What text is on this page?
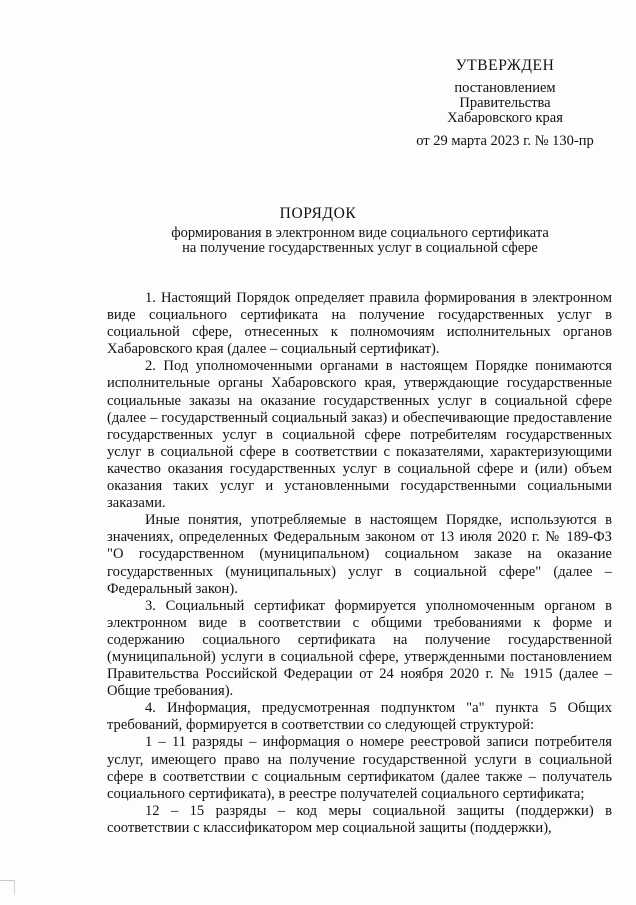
УТВЕРЖДЕН
постановлением
Правительства
Хабаровского края
от 29 марта 2023 г. № 130-пр
ПОРЯДОК
формирования в электронном виде социального сертификата
на получение государственных услуг в социальной сфере

1. Настоящий Порядок определяет правила формирования в электронном виде социального сертификата на получение государственных услуг в социальной сфере, отнесенных к полномочиям исполнительных органов Хабаровского края (далее – социальный сертификат).

2. Под уполномоченными органами в настоящем Порядке понимаются исполнительные органы Хабаровского края, утверждающие государственные социальные заказы на оказание государственных услуг в социальной сфере (далее – государственный социальный заказ) и обеспечивающие предоставление государственных услуг в социальной сфере потребителям государственных услуг в социальной сфере в соответствии с показателями, характеризующими качество оказания государственных услуг в социальной сфере и (или) объем оказания таких услуг и установленными государственными социальными заказами.

Иные понятия, употребляемые в настоящем Порядке, используются в значениях, определенных Федеральным законом от 13 июля 2020 г. № 189-ФЗ "О государственном (муниципальном) социальном заказе на оказание государственных (муниципальных) услуг в социальной сфере" (далее – Федеральный закон).

3. Социальный сертификат формируется уполномоченным органом в электронном виде в соответствии с общими требованиями к форме и содержанию социального сертификата на получение государственной (муниципальной) услуги в социальной сфере, утвержденными постановлением Правительства Российской Федерации от 24 ноября 2020 г. № 1915 (далее – Общие требования).

4. Информация, предусмотренная подпунктом "а" пункта 5 Общих требований, формируется в соответствии со следующей структурой:

1 – 11 разряды – информация о номере реестровой записи потребителя услуг, имеющего право на получение государственной услуги в социальной сфере в соответствии с социальным сертификатом (далее также – получатель социального сертификата), в реестре получателей социального сертификата;

12 – 15 разряды – код меры социальной защиты (поддержки) в соответствии с классификатором мер социальной защиты (поддержки),
